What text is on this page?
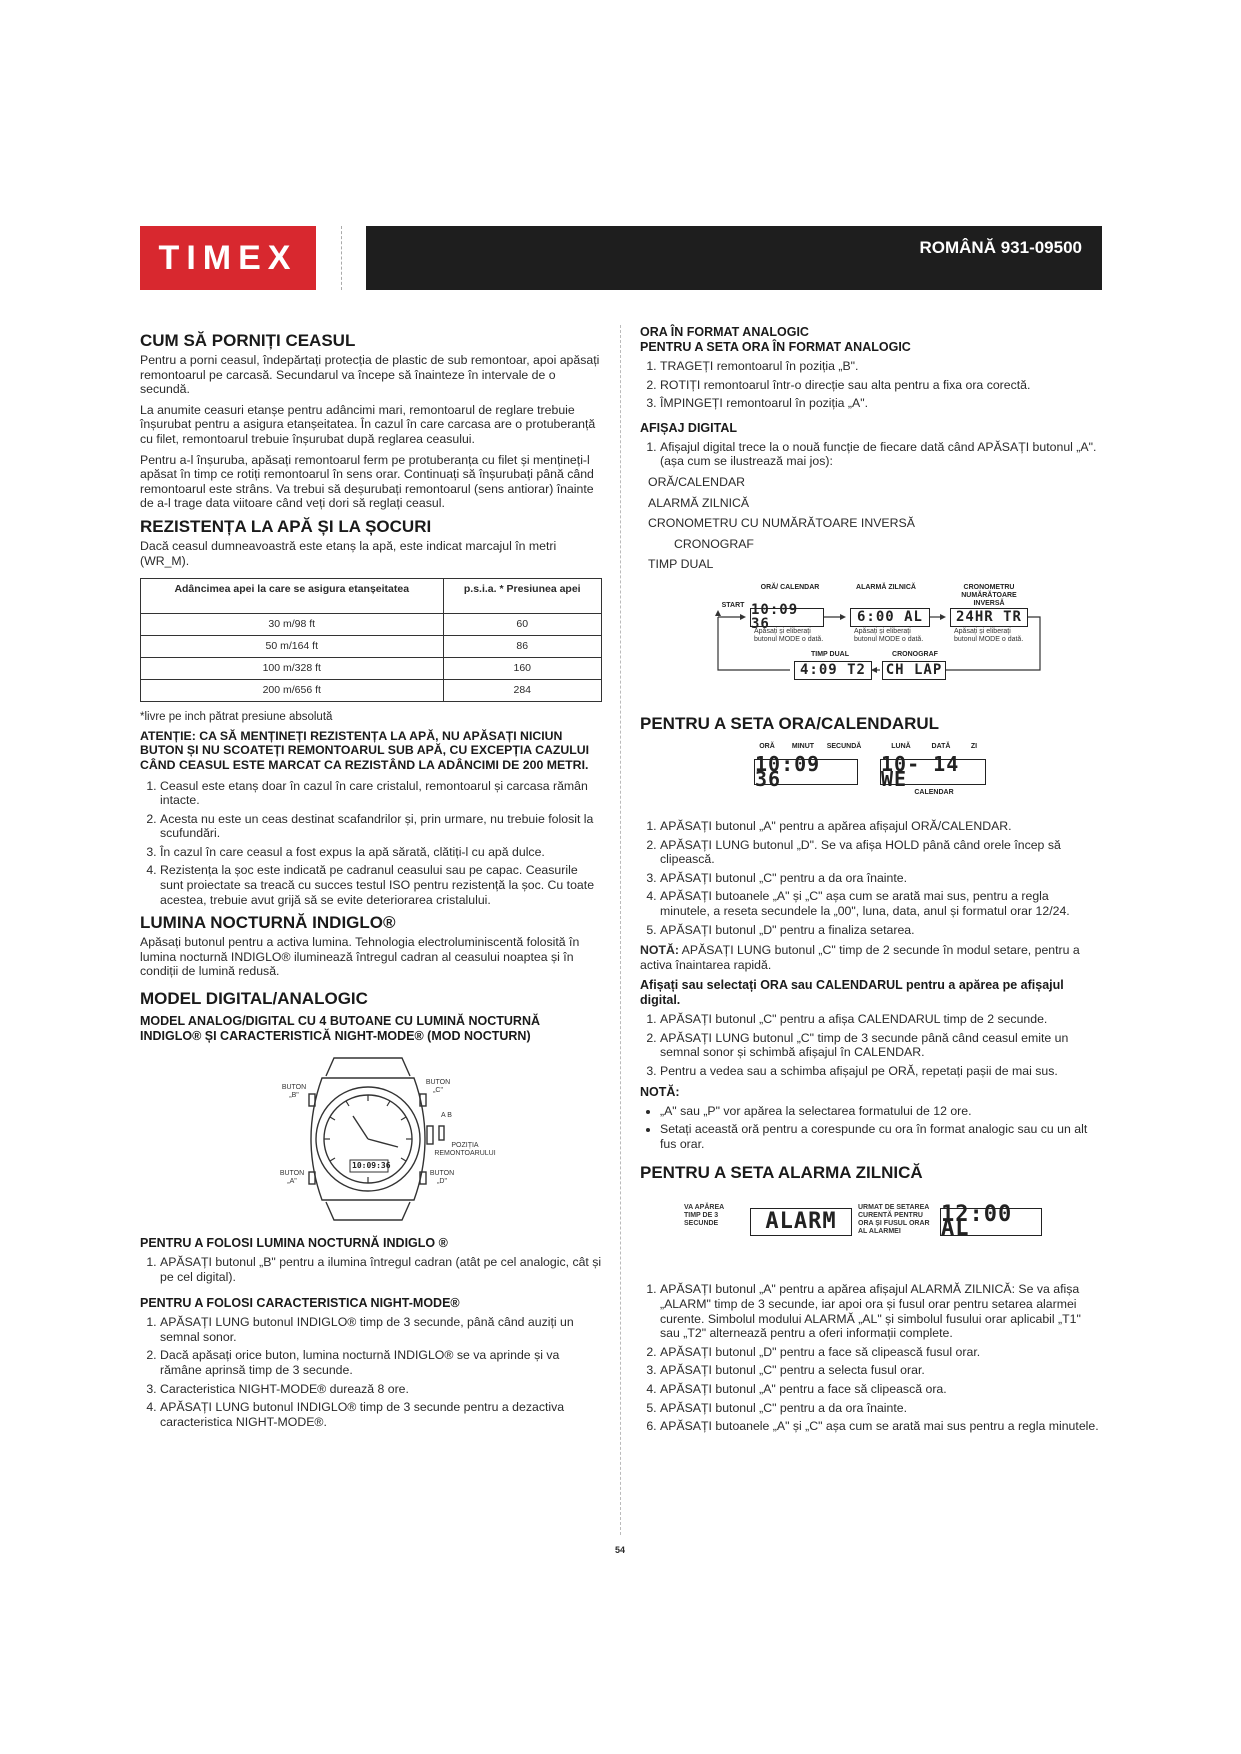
TIMEX	ROMÂNĂ 931-09500
CUM SĂ PORNIȚI CEASUL

Pentru a porni ceasul, îndepărtați protecția de plastic de sub remontoar, apoi apăsați remontoarul pe carcasă. Secundarul va începe să înainteze în intervale de o secundă.

La anumite ceasuri etanșe pentru adâncimi mari, remontoarul de reglare trebuie înșurubat pentru a asigura etanșeitatea. În cazul în care carcasa are o protuberanță cu filet, remontoarul trebuie înșurubat după reglarea ceasului.

Pentru a-l înșuruba, apăsați remontoarul ferm pe protuberanța cu filet și mențineți-l apăsat în timp ce rotiți remontoarul în sens orar. Continuați să înșurubați până când remontoarul este strâns. Va trebui să deșurubați remontoarul (sens antiorar) înainte de a-l trage data viitoare când veți dori să reglați ceasul.

REZISTENȚA LA APĂ ȘI LA ȘOCURI

Dacă ceasul dumneavoastră este etanș la apă, este indicat marcajul în metri (WR_M).

Adâncimea apei la care se asigura etanșeitatea	p.s.i.a. * Presiunea apei
30 m/98 ft	60
50 m/164 ft	86
100 m/328 ft	160
200 m/656 ft	284
*livre pe inch pătrat presiune absolută
ATENȚIE: CA SĂ MENȚINEȚI REZISTENȚA LA APĂ, NU APĂSAȚI NICIUN BUTON ȘI NU SCOATEȚI REMONTOARUL SUB APĂ, CU EXCEPȚIA CAZULUI CÂND CEASUL ESTE MARCAT CA REZISTÂND LA ADÂNCIMI DE 200 METRI.
1. Ceasul este etanș doar în cazul în care cristalul, remontoarul și carcasa rămân intacte.
2. Acesta nu este un ceas destinat scafandrilor și, prin urmare, nu trebuie folosit la scufundări.
3. În cazul în care ceasul a fost expus la apă sărată, clătiți-l cu apă dulce.
4. Rezistența la șoc este indicată pe cadranul ceasului sau pe capac. Ceasurile sunt proiectate sa treacă cu succes testul ISO pentru rezistență la șoc. Cu toate acestea, trebuie avut grijă să se evite deteriorarea cristalului.
LUMINA NOCTURNĂ INDIGLO®

Apăsați butonul pentru a activa lumina. Tehnologia electroluminiscentă folosită în lumina nocturnă INDIGLO® iluminează întregul cadran al ceasului noaptea și în condiții de lumină redusă.

MODEL DIGITAL/ANALOGIC
MODEL ANALOG/DIGITAL CU 4 BUTOANE CU LUMINĂ NOCTURNĂ INDIGLO® ȘI CARACTERISTICĂ NIGHT-MODE® (MOD NOCTURN)
10:09:36
BUTON „B"
BUTON „C"
BUTON „A"
BUTON „D"
A B
POZIȚIA REMONTOARULUI
PENTRU A FOLOSI LUMINA NOCTURNĂ INDIGLO ®
1. APĂSAȚI butonul „B" pentru a ilumina întregul cadran (atât pe cel analogic, cât și pe cel digital).
PENTRU A FOLOSI CARACTERISTICA NIGHT-MODE®
1. APĂSAȚI LUNG butonul INDIGLO® timp de 3 secunde, până când auziți un semnal sonor.
2. Dacă apăsați orice buton, lumina nocturnă INDIGLO® se va aprinde și va rămâne aprinsă timp de 3 secunde.
3. Caracteristica NIGHT-MODE® durează 8 ore.
4. APĂSAȚI LUNG butonul INDIGLO® timp de 3 secunde pentru a dezactiva caracteristica NIGHT-MODE®.
ORA ÎN FORMAT ANALOGIC
PENTRU A SETA ORA ÎN FORMAT ANALOGIC
1. TRAGEȚI remontoarul în poziția „B".
2. ROTIȚI remontoarul într-o direcție sau alta pentru a fixa ora corectă.
3. ÎMPINGEȚI remontoarul în poziția „A".
AFIȘAJ DIGITAL
1. Afișajul digital trece la o nouă funcție de fiecare dată când APĂSAȚI butonul „A". (așa cum se ilustrează mai jos):
ORĂ/CALENDAR
ALARMĂ ZILNICĂ
CRONOMETRU CU NUMĂRĂTOARE INVERSĂ
CRONOGRAF
TIMP DUAL
START
ORĂ/ CALENDAR	ALARMĂ ZILNICĂ	CRONOMETRU NUMĂRĂTOARE INVERSĂ
10:09 36	6:00 AL	24HR TR
Apăsați și eliberați butonul MODE o dată.
Apăsați și eliberați butonul MODE o dată.
Apăsați și eliberați butonul MODE o dată.
TIMP DUAL	CRONOGRAF
4:09 T2	CH LAP
PENTRU A SETA ORA/CALENDARUL
ORĂ	MINUT	SECUNDĂ	LUNĂ	DATĂ	ZI
10:09 36
10- 14 WE
CALENDAR
1. APĂSAȚI butonul „A" pentru a apărea afișajul ORĂ/CALENDAR.
2. APĂSAȚI LUNG butonul „D". Se va afișa HOLD până când orele încep să clipească.
3. APĂSAȚI butonul „C" pentru a da ora înainte.
4. APĂSAȚI butoanele „A" și „C" așa cum se arată mai sus, pentru a regla minutele, a reseta secundele la „00", luna, data, anul și formatul orar 12/24.
5. APĂSAȚI butonul „D" pentru a finaliza setarea.

NOTĂ: APĂSAȚI LUNG butonul „C" timp de 2 secunde în modul setare, pentru a activa înaintarea rapidă.

Afișați sau selectați ORA sau CALENDARUL pentru a apărea pe afișajul digital.
1. APĂSAȚI butonul „C" pentru a afișa CALENDARUL timp de 2 secunde.
2. APĂSAȚI LUNG butonul „C" timp de 3 secunde până când ceasul emite un semnal sonor și schimbă afișajul în CALENDAR.
3. Pentru a vedea sau a schimba afișajul pe ORĂ, repetați pașii de mai sus.
NOTĂ:
• „A" sau „P" vor apărea la selectarea formatului de 12 ore.
• Setați această oră pentru a corespunde cu ora în format analogic sau cu un alt fus orar.
PENTRU A SETA ALARMA ZILNICĂ
VA APĂREA TIMP DE 3 SECUNDE	ALARM
URMAT DE SETAREA CURENTĂ PENTRU ORA ȘI FUSUL ORAR AL ALARMEI
12:00 AL
1. APĂSAȚI butonul „A" pentru a apărea afișajul ALARMĂ ZILNICĂ: Se va afișa „ALARM" timp de 3 secunde, iar apoi ora și fusul orar pentru setarea alarmei curente. Simbolul modului ALARMĂ „AL" și simbolul fusului orar aplicabil „T1" sau „T2" alternează pentru a oferi informații complete.
2. APĂSAȚI butonul „D" pentru a face să clipească fusul orar.
3. APĂSAȚI butonul „C" pentru a selecta fusul orar.
4. APĂSAȚI butonul „A" pentru a face să clipească ora.
5. APĂSAȚI butonul „C" pentru a da ora înainte.
6. APĂSAȚI butoanele „A" și „C" așa cum se arată mai sus pentru a regla minutele.
54
